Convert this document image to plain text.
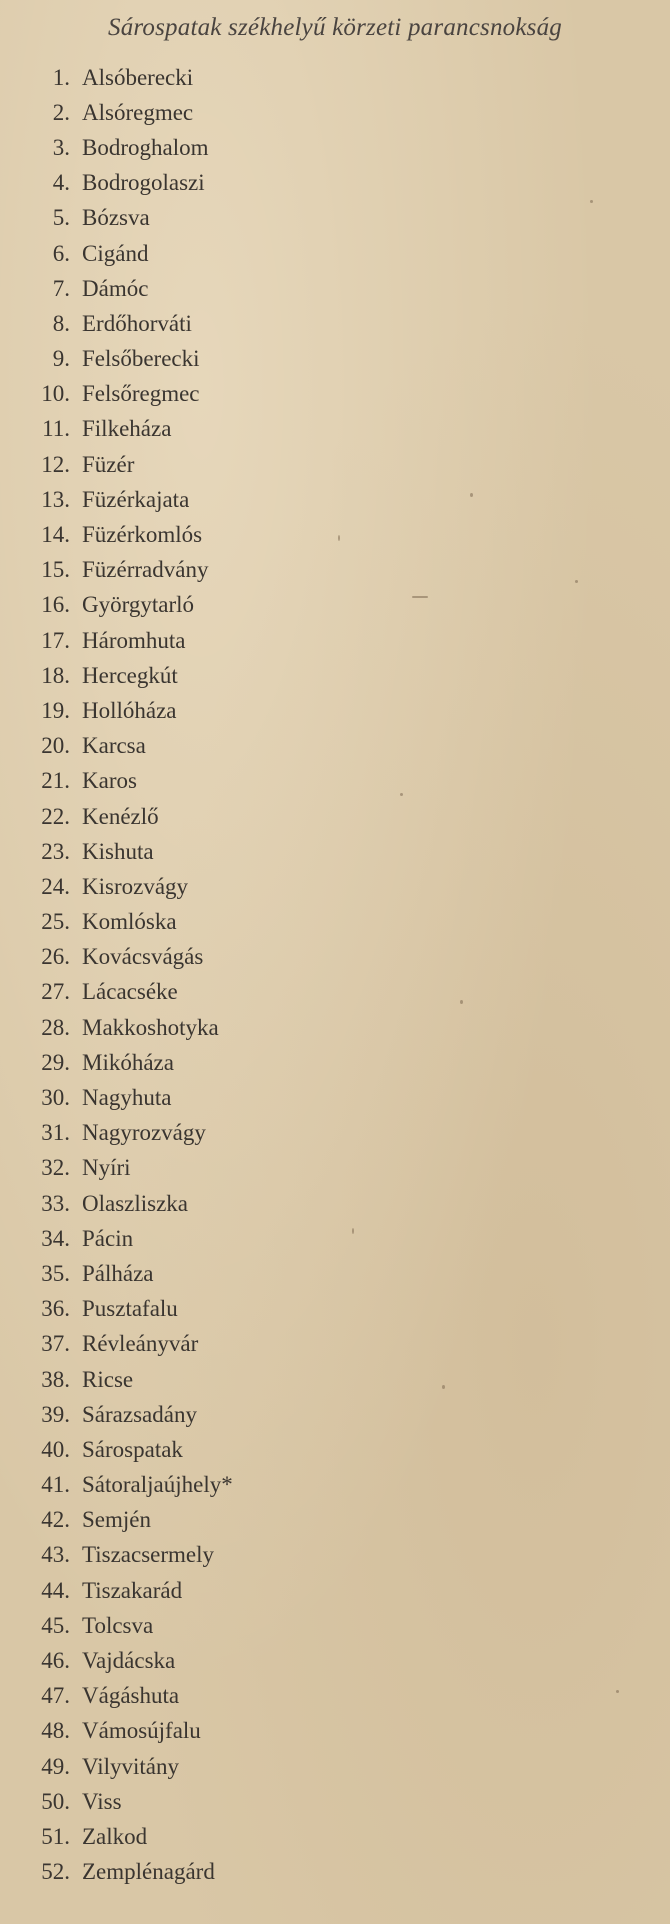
Sárospatak székhelyű körzeti parancsnokság
1. Alsóberecki
2. Alsóregmec
3. Bodroghalom
4. Bodrogolaszi
5. Bózsva
6. Cigánd
7. Dámóc
8. Erdőhorváti
9. Felsőberecki
10. Felsőregmec
11. Filkeháza
12. Füzér
13. Füzérkajata
14. Füzérkomlós
15. Füzérradvány
16. Györgytarló
17. Háromhuta
18. Hercegkút
19. Hollóháza
20. Karcsa
21. Karos
22. Kenézlő
23. Kishuta
24. Kisrozvágy
25. Komlóska
26. Kovácsvágás
27. Lácacséke
28. Makkoshotyka
29. Mikóháza
30. Nagyhuta
31. Nagyrozvágy
32. Nyíri
33. Olaszliszka
34. Pácin
35. Pálháza
36. Pusztafalu
37. Révleányvár
38. Ricse
39. Sárazsadány
40. Sárospatak
41. Sátoraljaújhely*
42. Semjén
43. Tiszacsermely
44. Tiszakarád
45. Tolcsva
46. Vajdácska
47. Vágáshuta
48. Vámosújfalu
49. Vilyvitány
50. Viss
51. Zalkod
52. Zemplénagárd
